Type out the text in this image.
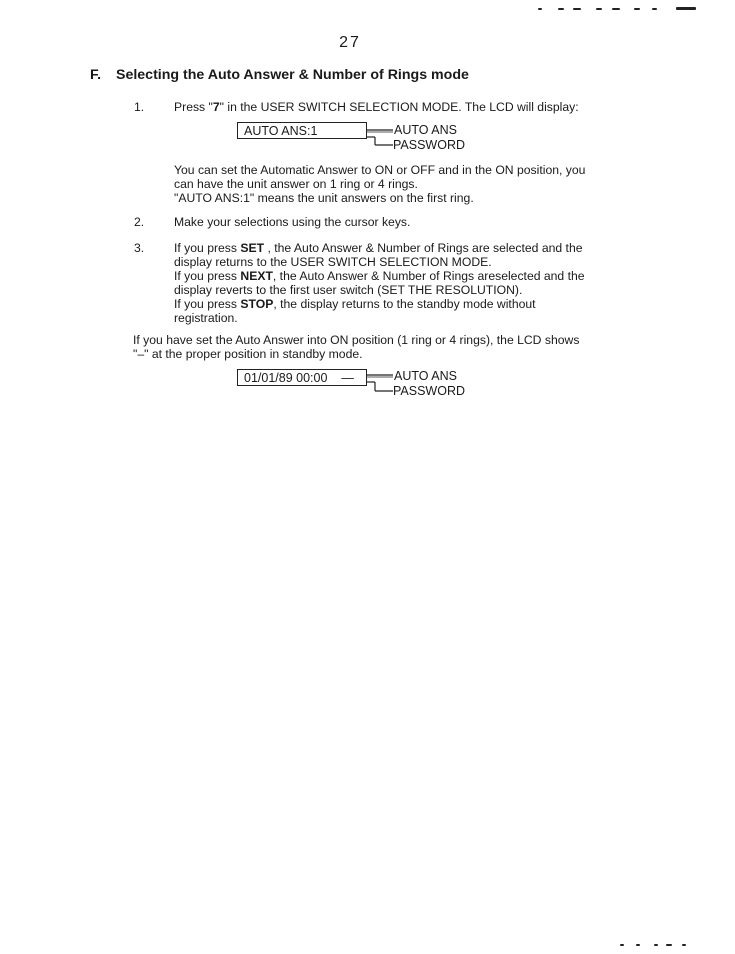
27
F. Selecting the Auto Answer & Number of Rings mode
1. Press "7" in the USER SWITCH SELECTION MODE. The LCD will display:
AUTO ANS:1	AUTO ANS
PASSWORD
You can set the Automatic Answer to ON or OFF and in the ON position, you
can have the unit answer on 1 ring or 4 rings.
"AUTO ANS:1" means the unit answers on the first ring.
2. Make your selections using the cursor keys.
3. If you press SET , the Auto Answer & Number of Rings are selected and the
display returns to the USER SWITCH SELECTION MODE.
If you press NEXT, the Auto Answer & Number of Rings areselected and the
display reverts to the first user switch (SET THE RESOLUTION).
If you press STOP, the display returns to the standby mode without
registration.
If you have set the Auto Answer into ON position (1 ring or 4 rings), the LCD shows
"–" at the proper position in standby mode.
01/01/89 00:00 —	AUTO ANS
PASSWORD
